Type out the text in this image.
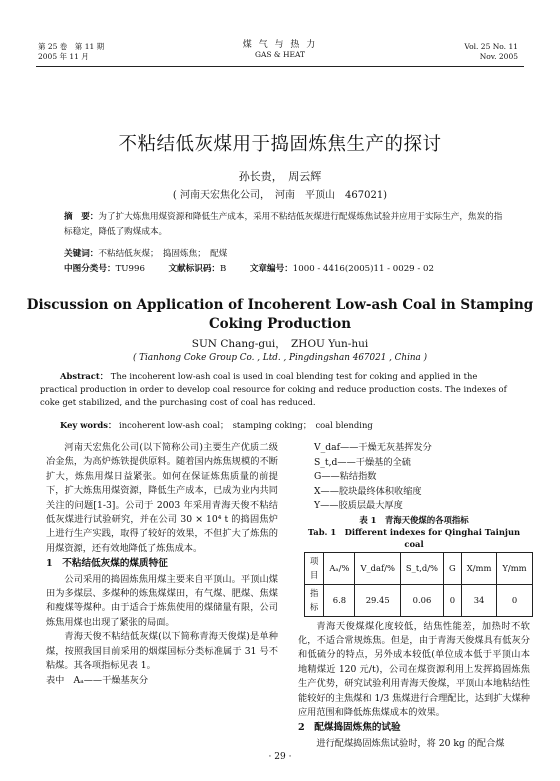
第 25 卷　第 11 期
2005 年 11 月
煤 气 与 热 力
GAS & HEAT
Vol. 25 No. 11
Nov. 2005
不粘结低灰煤用于捣固炼焦生产的探讨
孙长贵，　周云辉
( 河南天宏焦化公司，　河南　平顶山　467021)
摘　要：为了扩大炼焦用煤资源和降低生产成本，采用不粘结低灰煤进行配煤炼焦试验并应用于实际生产，焦炭的指标稳定，降低了购煤成本。
关键词：不粘结低灰煤；　捣固炼焦；　配煤
中图分类号：TU996	文献标识码：B	文章编号：1000 - 4416(2005)11 - 0029 - 02
Discussion on Application of Incoherent Low-ash Coal in Stamping Coking Production
SUN Chang-gui，　ZHOU Yun-hui
( Tianhong Coke Group Co. , Ltd. , Pingdingshan 467021 , China )
Abstract： The incoherent low-ash coal is used in coal blending test for coking and applied in the practical production in order to develop coal resource for coking and reduce production costs. The indexes of coke get stabilized, and the purchasing cost of coal has reduced.
Key words： incoherent low-ash coal；　stamping coking；　coal blending

河南天宏焦化公司(以下简称公司)主要生产优质二级冶金焦，为高炉炼铁提供原料。随着国内炼焦规模的不断扩大，炼焦用煤日益紧张。如何在保证炼焦质量的前提下，扩大炼焦用煤资源，降低生产成本，已成为业内共同关注的问题[1-3]。公司于 2003 年采用青海天俊不粘结低灰煤进行试验研究，并在公司 30 × 10⁴ t 的捣固焦炉上进行生产实践，取得了较好的效果，不但扩大了炼焦的用煤资源，还有效地降低了炼焦成本。

1　不粘结低灰煤的煤质特征

公司采用的捣固炼焦用煤主要来自平顶山。平顶山煤田为多煤层、多煤种的炼焦煤煤田，有气煤、肥煤、焦煤和瘦煤等煤种。由于适合于炼焦使用的煤储量有限，公司炼焦用煤也出现了紧张的局面。

青海天俊不粘结低灰煤(以下简称青海天俊煤)是单种煤，按照我国目前采用的烟煤国标分类标准属于 31 号不粘煤。其各项指标见表 1。

表中　Aₐ——干燥基灰分
V_daf——干燥无灰基挥发分
S_t,d——干燥基的全硫
G——粘结指数
X——胶块最终体积收缩度
Y——胶质层最大厚度
表 1　青海天俊煤的各项指标
Tab. 1　Different indexes for Qinghai Tainjun coal
项目	Aₐ/%	V_daf/%	S_t,d/%	G	X/mm	Y/mm
指标	6.8	29.45	0.06	0	34	0

青海天俊煤煤化度较低，结焦性能差，加热时不软化，不适合常规炼焦。但是，由于青海天俊煤具有低灰分和低硫分的特点，另外成本较低(单位成本低于平顶山本地精煤近 120 元/t)，公司在煤资源利用上发挥捣固炼焦生产优势，研究试验利用青海天俊煤，平顶山本地粘结性能较好的主焦煤和 1/3 焦煤进行合理配比，达到扩大煤种应用范围和降低炼焦煤成本的效果。

2　配煤捣固炼焦的试验

进行配煤捣固炼焦试验时，将 20 kg 的配合煤

· 29 ·
